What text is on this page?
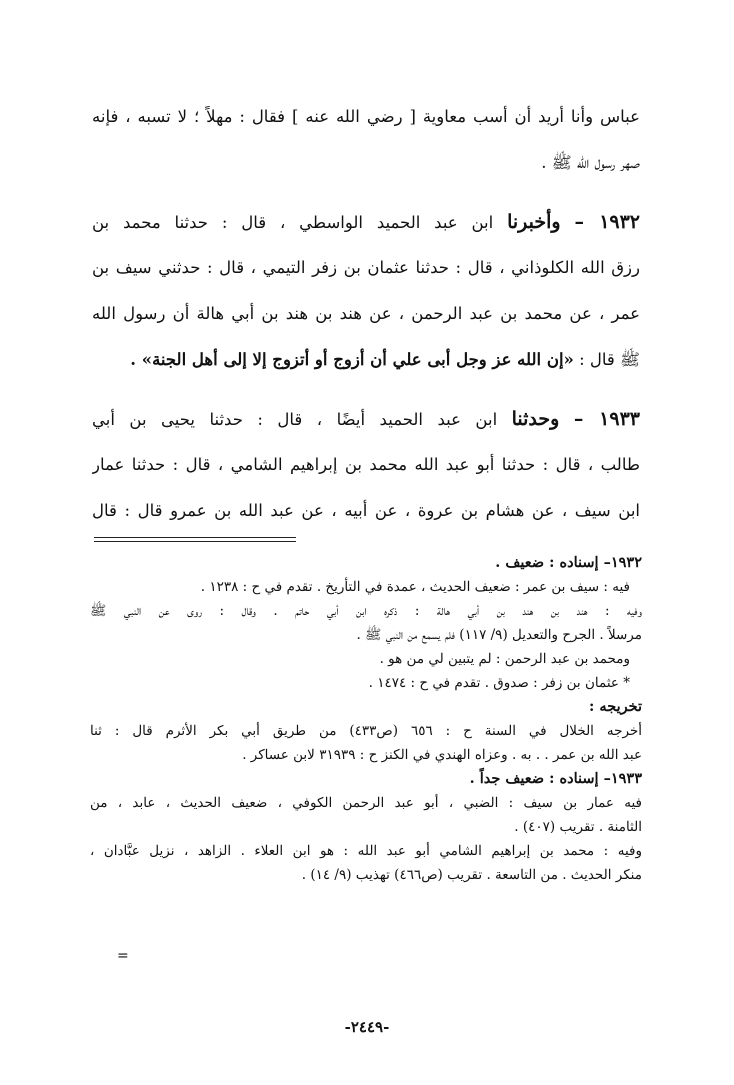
عباس وأنا أريد أن أسب معاوية [ رضي الله عنه ] فقال : مهلاً ؛ لا تسبه ، فإنه
صهر رسول الله ﷺ .
١٩٣٢ – وأخبرنا ابن عبد الحميد الواسطي ، قال : حدثنا محمد بن
رزق الله الكلوذاني ، قال : حدثنا عثمان بن زفر التيمي ، قال : حدثني سيف بن
عمر ، عن محمد بن عبد الرحمن ، عن هند بن هند بن أبي هالة أن رسول الله
ﷺ قال : «إن الله عز وجل أبى علي أن أزوج أو أتزوج إلا إلى أهل الجنة» .
١٩٣٣ – وحدثنا ابن عبد الحميد أيضًا ، قال : حدثنا يحيى بن أبي
طالب ، قال : حدثنا أبو عبد الله محمد بن إبراهيم الشامي ، قال : حدثنا عمار
ابن سيف ، عن هشام بن عروة ، عن أبيه ، عن عبد الله بن عمرو قال : قال
١٩٣٢– إسناده : ضعيف .
فيه : سيف بن عمر : ضعيف الحديث ، عمدة في التأريخ . تقدم في ح : ١٢٣٨ .
وفيه : هند بن هند بن أبي هالة : ذكره ابن أبي حاتم . وقال : روى عن النبي ﷺ
مرسلاً . الجرح والتعديل (٩/ ١١٧) فلم يسمع من النبي ﷺ .
ومحمد بن عبد الرحمن : لم يتبين لي من هو .
* عثمان بن زفر : صدوق . تقدم في ح : ١٤٧٤ .
تخريجه :
أخرجه الخلال في السنة ح : ٦٥٦ (ص٤٣٣) من طريق أبي بكر الأثرم قال : ثنا
عبد الله بن عمر . . به . وعزاه الهندي في الكنز ح : ٣١٩٣٩ لابن عساكر .
١٩٣٣– إسناده : ضعيف جداً .
فيه عمار بن سيف : الضبي ، أبو عبد الرحمن الكوفي ، ضعيف الحديث ، عابد ، من
الثامنة . تقريب (٤٠٧) .
وفيه : محمد بن إبراهيم الشامي أبو عبد الله : هو ابن العلاء . الزاهد ، نزيل عبَّادان ،
منكر الحديث . من التاسعة . تقريب (ص٤٦٦) تهذيب (٩/ ١٤) .
=
-٢٤٤٩-
